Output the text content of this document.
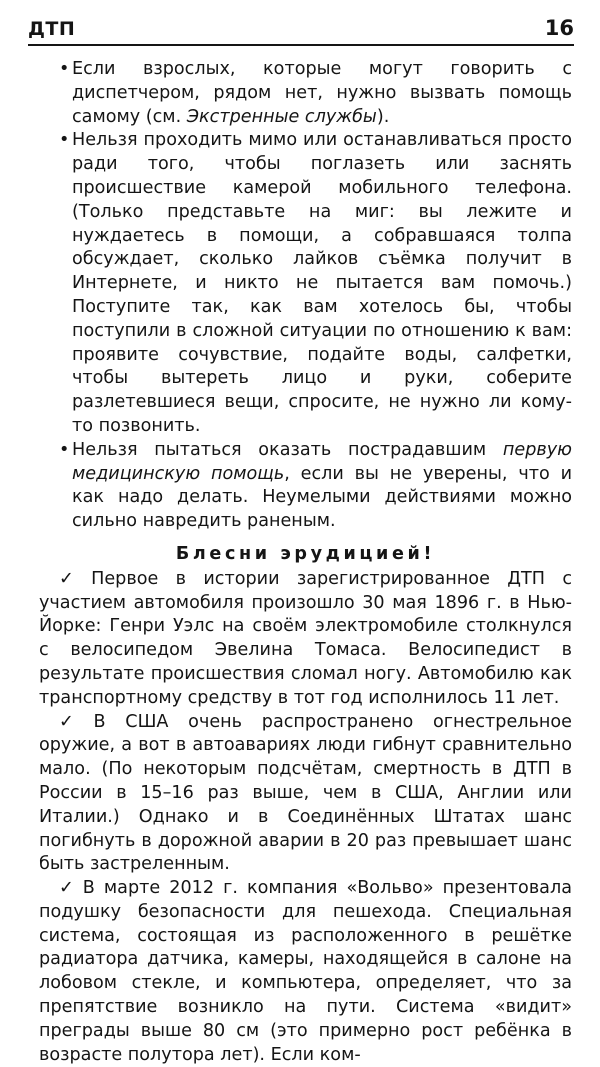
ДТП	16
• Если взрослых, которые могут говорить с диспетчером, рядом нет, нужно вызвать помощь самому (см. Экстренные службы).
• Нельзя проходить мимо или останавливаться просто ради того, чтобы поглазеть или заснять происшествие камерой мобильного телефона. (Только представьте на миг: вы лежите и нуждаетесь в помощи, а собравшаяся толпа обсуждает, сколько лайков съёмка получит в Интернете, и никто не пытается вам помочь.) Поступите так, как вам хотелось бы, чтобы поступили в сложной ситуации по отношению к вам: проявите сочувствие, подайте воды, салфетки, чтобы вытереть лицо и руки, соберите разлетевшиеся вещи, спросите, не нужно ли кому-то позвонить.
• Нельзя пытаться оказать пострадавшим первую медицинскую помощь, если вы не уверены, что и как надо делать. Неумелыми действиями можно сильно навредить раненым.
Блесни эрудицией!

✓ Первое в истории зарегистрированное ДТП с участием автомобиля произошло 30 мая 1896 г. в Нью-Йорке: Генри Уэлс на своём электромобиле столкнулся с велосипедом Эвелина Томаса. Велосипедист в результате происшествия сломал ногу. Автомобилю как транспортному средству в тот год исполнилось 11 лет.

✓ В США очень распространено огнестрельное оружие, а вот в автоавариях люди гибнут сравнительно мало. (По некоторым подсчётам, смертность в ДТП в России в 15–16 раз выше, чем в США, Англии или Италии.) Однако и в Соединённых Штатах шанс погибнуть в дорожной аварии в 20 раз превышает шанс быть застреленным.

✓ В марте 2012 г. компания «Вольво» презентовала подушку безопасности для пешехода. Специальная система, состоящая из расположенного в решётке радиатора датчика, камеры, находящейся в салоне на лобовом стекле, и компьютера, определяет, что за препятствие возникло на пути. Система «видит» преграды выше 80 см (это примерно рост ребёнка в возрасте полутора лет). Если ком-
